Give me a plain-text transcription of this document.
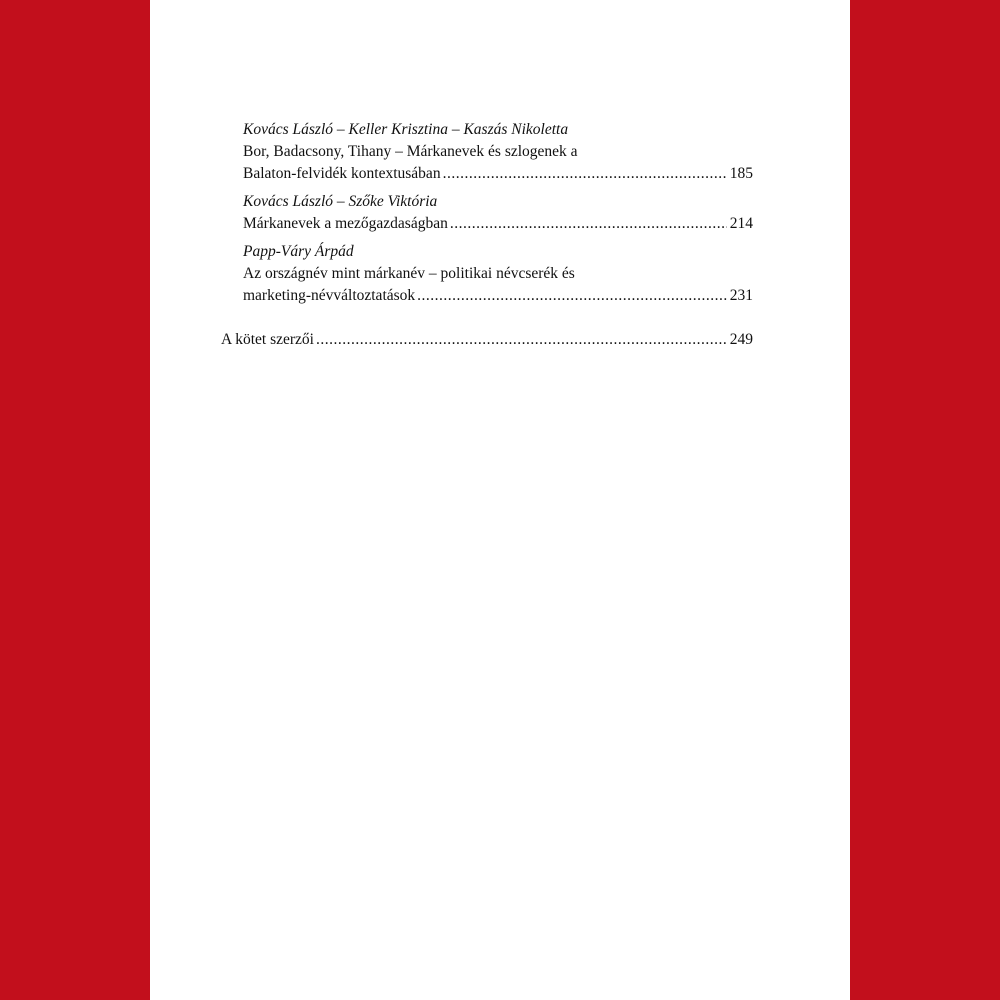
Kovács László – Keller Krisztina – Kaszás Nikoletta
Bor, Badacsony, Tihany – Márkanevek és szlogenek a
Balaton-felvidék kontextusában .....	185
Kovács László – Szőke Viktória
Márkanevek a mezőgazdaságban .....	214
Papp-Váry Árpád
Az országnév mint márkanév – politikai névcserék és
marketing-névváltoztatások .....	231
A kötet szerzői .....	249
